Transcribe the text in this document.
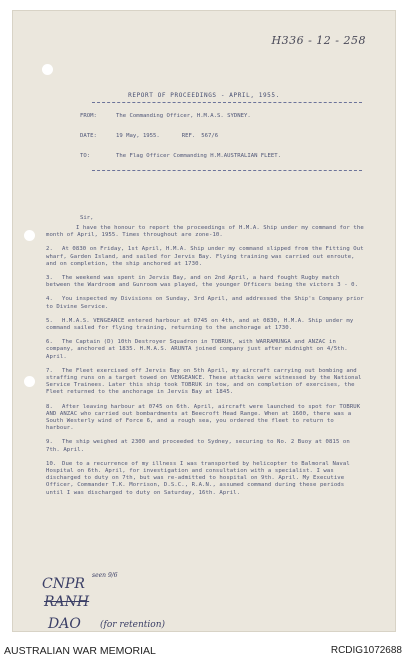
H336 - 12 - 258
REPORT OF PROCEEDINGS - APRIL, 1955.
FROM:	The Commanding Officer, H.M.A.S. SYDNEY.
DATE:	19 May, 1955.	REF. 567/6
TO:	The Flag Officer Commanding H.M.AUSTRALIAN FLEET.
Sir,

I have the honour to report the proceedings of H.M.A. Ship under my command for the month of April, 1955. Times throughout are zone-10.

2. At 0830 on Friday, 1st April, H.M.A. Ship under my command slipped from the Fitting Out wharf, Garden Island, and sailed for Jervis Bay. Flying training was carried out enroute, and on completion, the ship anchored at 1730.

3. The weekend was spent in Jervis Bay, and on 2nd April, a hard fought Rugby match between the Wardroom and Gunroom was played, the younger Officers being the victors 3 - 0.

4. You inspected my Divisions on Sunday, 3rd April, and addressed the Ship's Company prior to Divine Service.

5. H.M.A.S. VENGEANCE entered harbour at 0745 on 4th, and at 0830, H.M.A. Ship under my command sailed for flying training, returning to the anchorage at 1730.

6. The Captain (D) 10th Destroyer Squadron in TOBRUK, with WARRAMUNGA and ANZAC in company, anchored at 1835. H.M.A.S. ARUNTA joined company just after midnight on 4/5th. April.

7. The Fleet exercised off Jervis Bay on 5th April, my aircraft carrying out bombing and straffing runs on a target towed on VENGEANCE. These attacks were witnessed by the National Service Trainees. Later this ship took TOBRUK in tow, and on completion of exercises, the Fleet returned to the anchorage in Jervis Bay at 1845.

8. After leaving harbour at 0745 on 6th. April, aircraft were launched to spot for TOBRUK AND ANZAC who carried out bombardments at Beecroft Head Range. When at 1600, there was a South Westerly wind of Force 6, and a rough sea, you ordered the fleet to return to harbour.

9. The ship weighed at 2300 and proceeded to Sydney, securing to No. 2 Buoy at 0815 on 7th. April.

10. Due to a recurrence of my illness I was transported by helicopter to Balmoral Naval Hospital on 6th. April, for investigation and consultation with a specialist. I was discharged to duty on 7th, but was re-admitted to hospital on 9th. April. My Executive Officer, Commander T.K. Morrison, D.S.C., R.A.N., assumed command during these periods until I was discharged to duty on Saturday, 16th. April.

CNPR
seen 9/6
RANH
DAO (for retention)
AUSTRALIAN WAR MEMORIAL	RCDIG1072688
